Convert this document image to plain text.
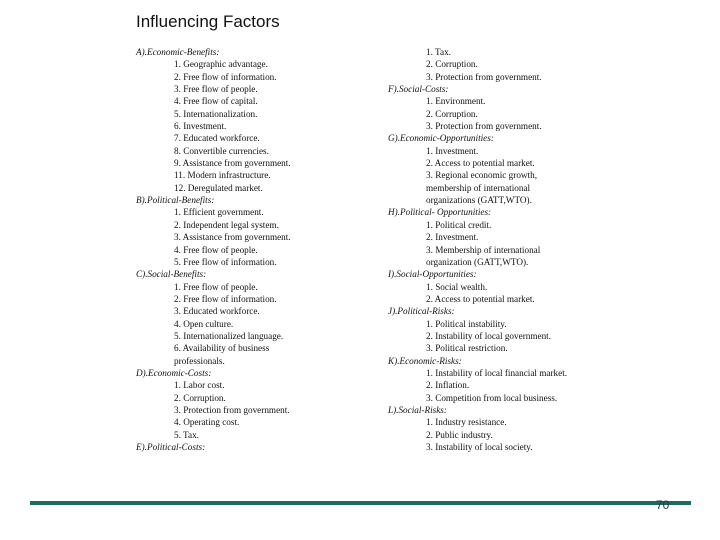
Influencing Factors
A).Economic-Benefits:
1. Geographic advantage.
2. Free flow of information.
3. Free flow of people.
4. Free flow of capital.
5. Internationalization.
6. Investment.
7. Educated workforce.
8. Convertible currencies.
9. Assistance from government.
11. Modern infrastructure.
12. Deregulated market.
B).Political-Benefits:
1. Efficient government.
2. Independent legal system.
3. Assistance from government.
4. Free flow of people.
5. Free flow of information.
C).Social-Benefits:
1. Free flow of people.
2. Free flow of information.
3. Educated workforce.
4. Open culture.
5. Internationalized language.
6. Availability of business
professionals.
D).Economic-Costs:
1. Labor cost.
2. Corruption.
3. Protection from government.
4. Operating cost.
5. Tax.
E).Political-Costs:
1. Tax.
2. Corruption.
3. Protection from government.
F).Social-Costs:
1. Environment.
2. Corruption.
3. Protection from government.
G).Economic-Opportunities:
1. Investment.
2. Access to potential market.
3. Regional economic growth,
membership of international
organizations (GATT,WTO).
H).Political- Opportunities:
1. Political credit.
2. Investment.
3. Membership of international
organization (GATT,WTO).
I).Social-Opportunities:
1. Social wealth.
2. Access to potential market.
J).Political-Risks:
1. Political instability.
2. Instability of local government.
3. Political restriction.
K).Economic-Risks:
1. Instability of local financial market.
2. Inflation.
3. Competition from local business.
L).Social-Risks:
1. Industry resistance.
2. Public industry.
3. Instability of local society.
70
